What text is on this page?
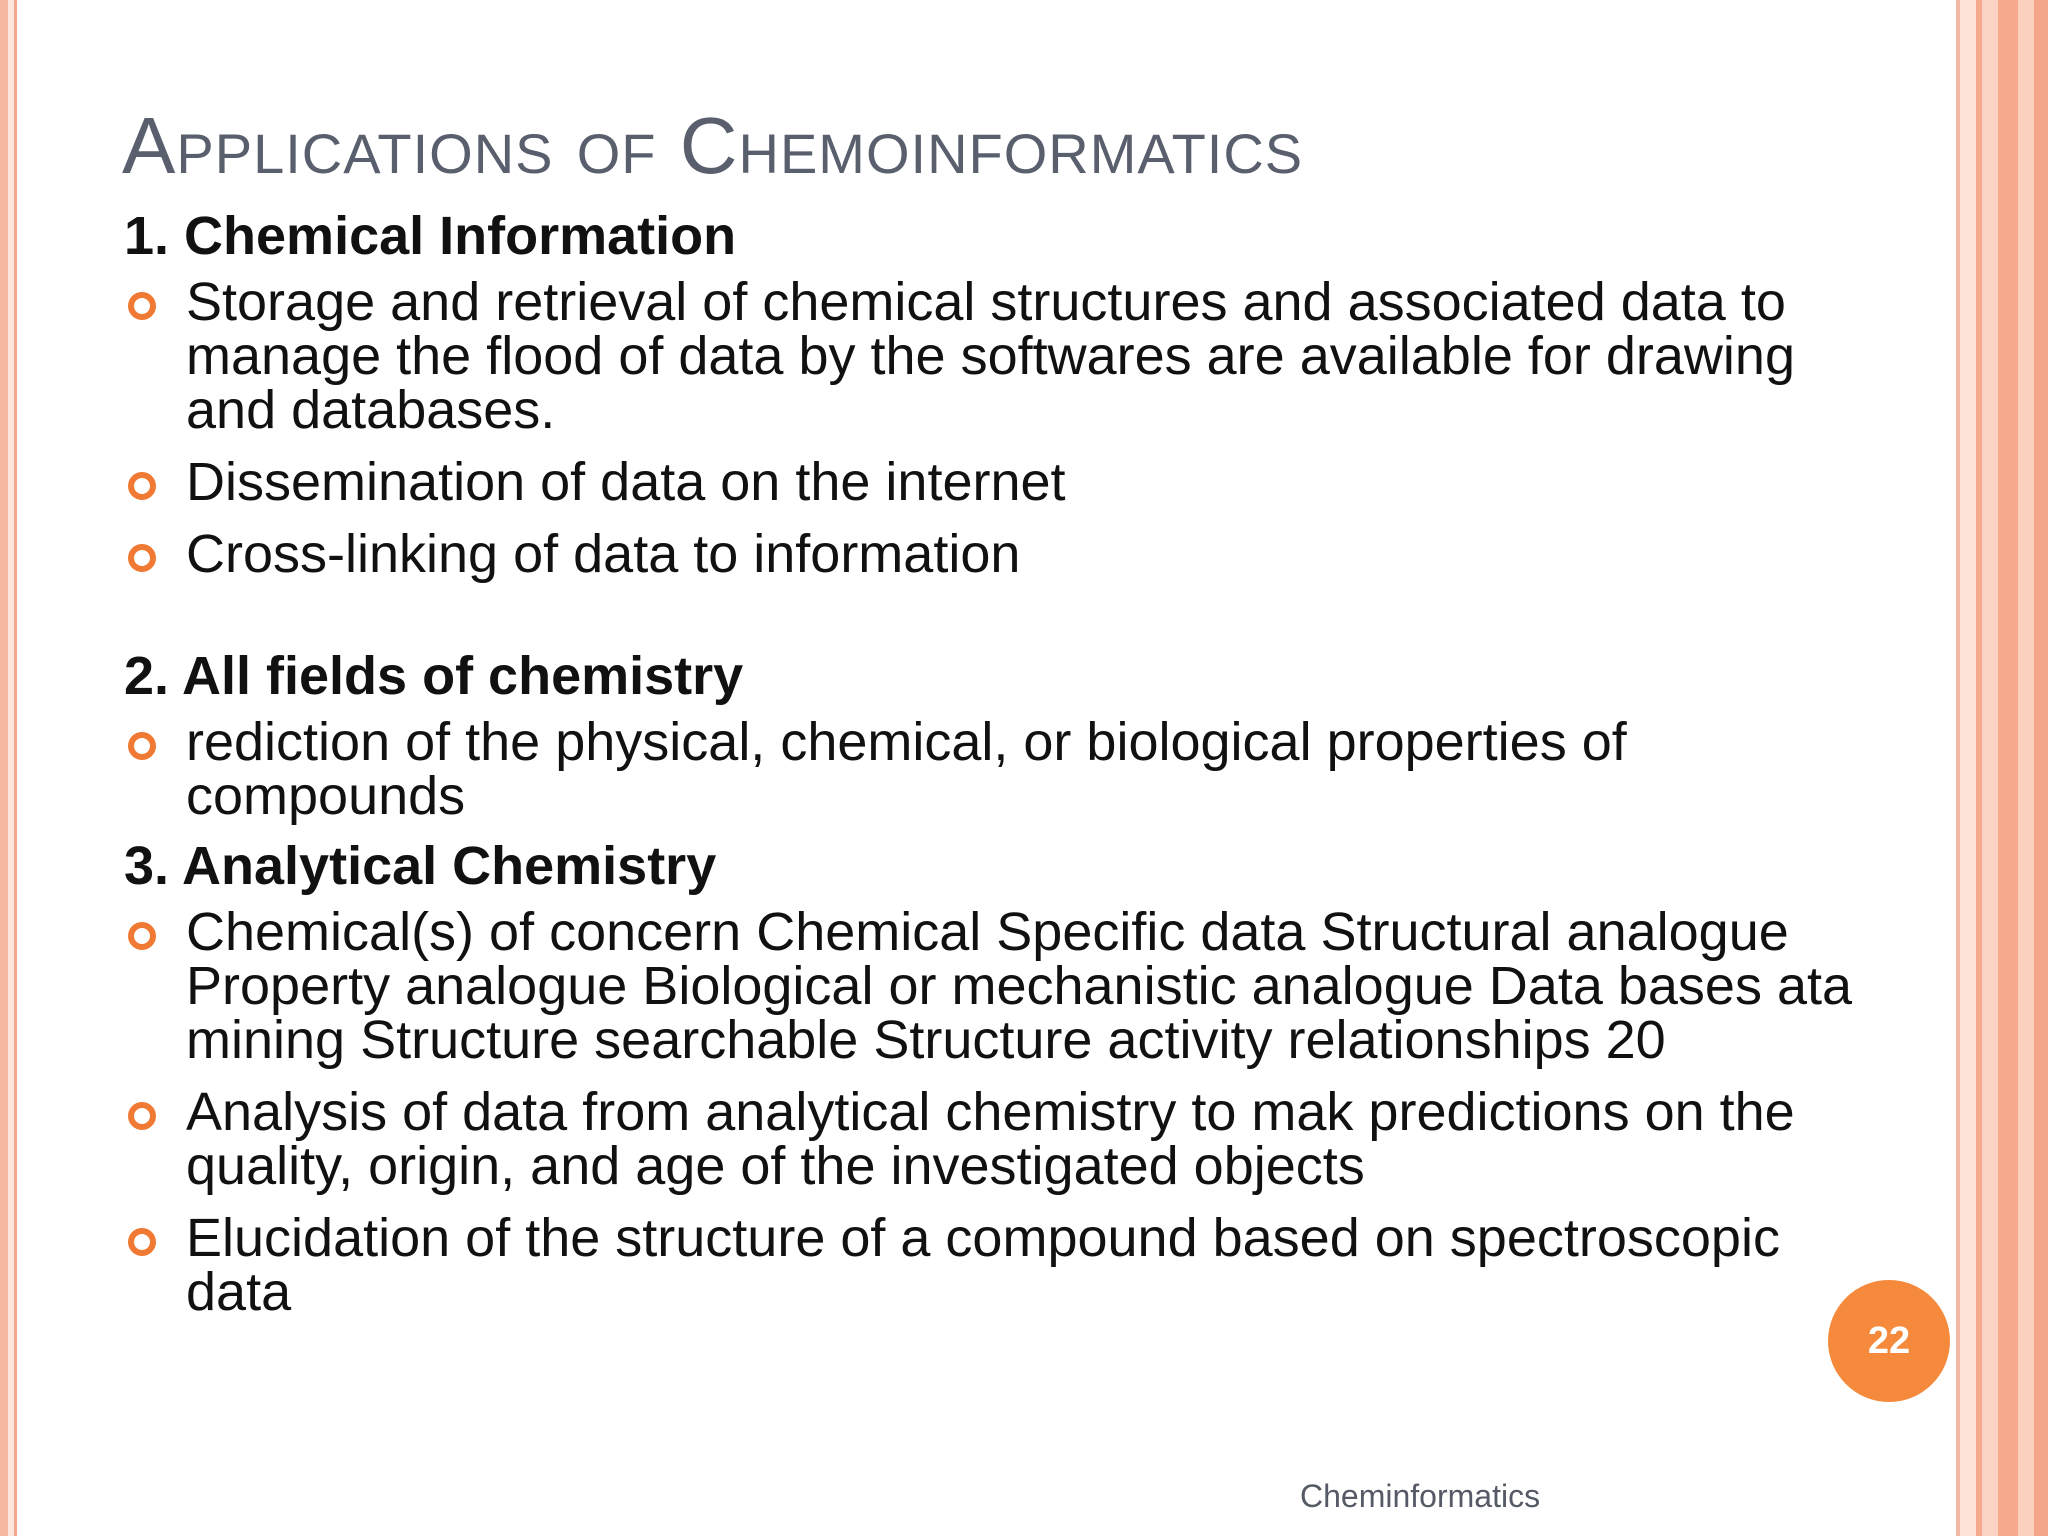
Applications of Chemoinformatics
1. Chemical Information
Storage and retrieval of chemical structures and associated data to manage the flood of data by the softwares are available for drawing and databases.
Dissemination of data on the internet
Cross-linking of data to information
2. All fields of chemistry
rediction of the physical, chemical, or biological properties of compounds
3. Analytical Chemistry
Chemical(s) of concern Chemical Specific data Structural analogue Property analogue Biological or mechanistic analogue Data bases ata mining Structure searchable Structure activity relationships 20
Analysis of data from analytical chemistry to mak predictions on the quality, origin, and age of the investigated objects
Elucidation of the structure of a compound based on spectroscopic data
22
Cheminformatics
